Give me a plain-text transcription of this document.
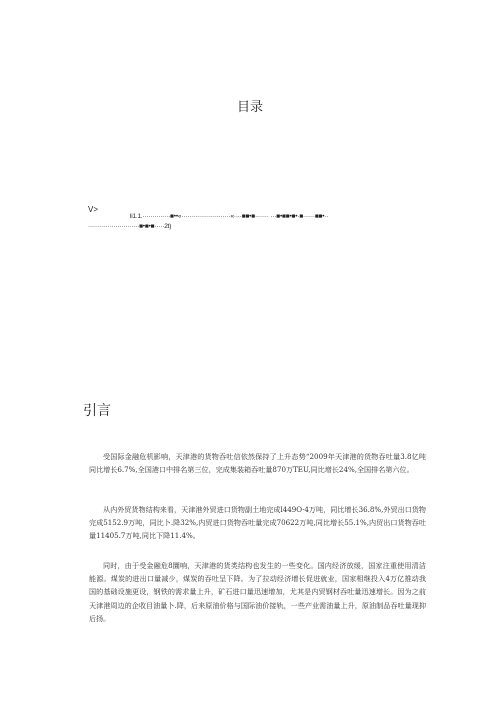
目录
V>
li1.1.··············■••«·························«····■■•■······· ···■•■■•■•·■······■■•··
··························■•■•■·····2t)
引言
受国际金融危机影响，天津港的货物吞吐信依然保持了上升态势“2009年天津港的货物吞吐量3.8亿吨同比增长6.7%,全国港口中排名第三位，完成集装箱吞吐量870万TEU,同比增长24%,全国排名第六位。
从内外贸货物结构来看，天津港外贸进口货物副土地完成l449O·4万吨，同比增长36.8%,外贸出口货物完成5152.9万吨，同比卜.降32%,内贸进口货物吞吐量完成70622万吨,同比增长55.1%,内贸出口货物吞吐量11405.7万吨,同比下降11.4%。
同时，由于受金融危8圜响，天津港的货类结构也发生的一些变化。国内经济放缓，国家注重使用清洁能源。煤炭的进出口量减少，煤炭的吞吐呈下降。为了拉动经济增长促进就业，国家相继投入4万亿推动我国的基础设施更设，钢铁的需求量上升，矿石进口量迅速增加，尤其是内贸钢材吞吐量迅速增长。因为之前天津港周边的企收目油量卜.降，后来原油价格与国际油价接轨，一些产业需油量上升，原油制品吞吐量现抑后扬。
